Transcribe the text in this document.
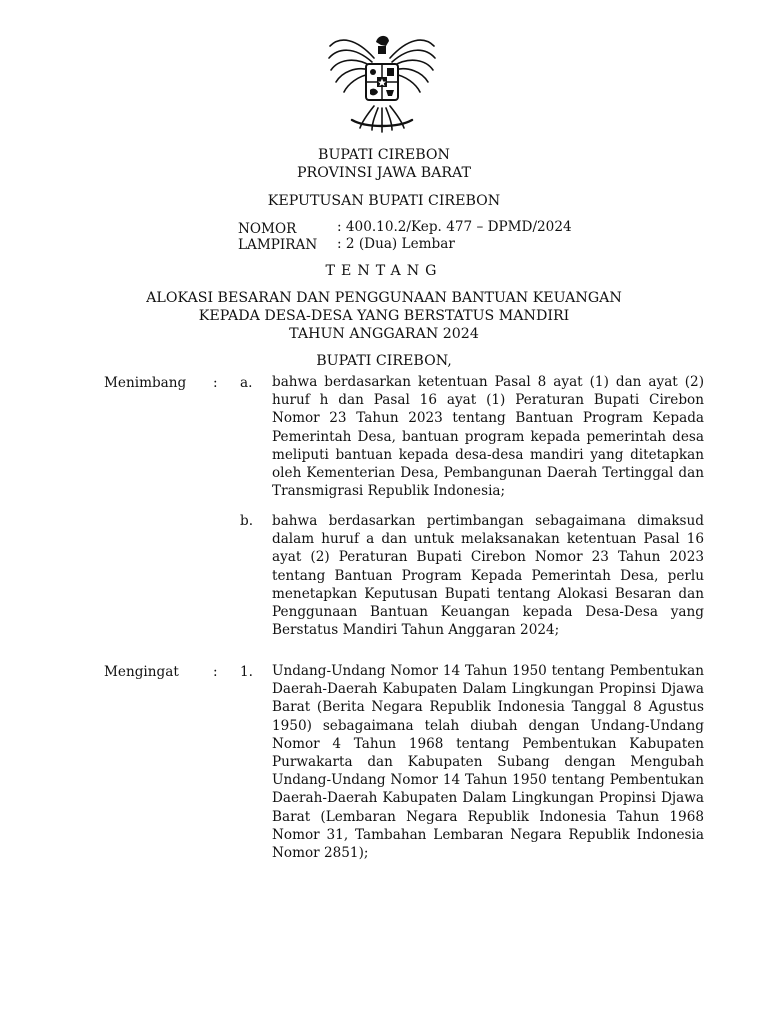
BUPATI CIREBON
PROVINSI JAWA BARAT
KEPUTUSAN BUPATI CIREBON
NOMOR	: 400.10.2/Kep. 477 – DPMD/2024
LAMPIRAN : 2 (Dua) Lembar
TENTANG
ALOKASI BESARAN DAN PENGGUNAAN BANTUAN KEUANGAN
KEPADA DESA-DESA YANG BERSTATUS MANDIRI
TAHUN ANGGARAN 2024
BUPATI CIREBON,
Menimbang : a. bahwa berdasarkan ketentuan Pasal 8 ayat (1) dan ayat (2) huruf h dan Pasal 16 ayat (1) Peraturan Bupati Cirebon Nomor 23 Tahun 2023 tentang Bantuan Program Kepada Pemerintah Desa, bantuan program kepada pemerintah desa meliputi bantuan kepada desa-desa mandiri yang ditetapkan oleh Kementerian Desa, Pembangunan Daerah Tertinggal dan Transmigrasi Republik Indonesia;
b. bahwa berdasarkan pertimbangan sebagaimana dimaksud dalam huruf a dan untuk melaksanakan ketentuan Pasal 16 ayat (2) Peraturan Bupati Cirebon Nomor 23 Tahun 2023 tentang Bantuan Program Kepada Pemerintah Desa, perlu menetapkan Keputusan Bupati tentang Alokasi Besaran dan Penggunaan Bantuan Keuangan kepada Desa-Desa yang Berstatus Mandiri Tahun Anggaran 2024;
Mengingat	: 1. Undang-Undang Nomor 14 Tahun 1950 tentang Pembentukan Daerah-Daerah Kabupaten Dalam Lingkungan Propinsi Djawa Barat (Berita Negara Republik Indonesia Tanggal 8 Agustus 1950) sebagaimana telah diubah dengan Undang-Undang Nomor 4 Tahun 1968 tentang Pembentukan Kabupaten Purwakarta dan Kabupaten Subang dengan Mengubah Undang-Undang Nomor 14 Tahun 1950 tentang Pembentukan Daerah-Daerah Kabupaten Dalam Lingkungan Propinsi Djawa Barat (Lembaran Negara Republik Indonesia Tahun 1968 Nomor 31, Tambahan Lembaran Negara Republik Indonesia Nomor 2851);
